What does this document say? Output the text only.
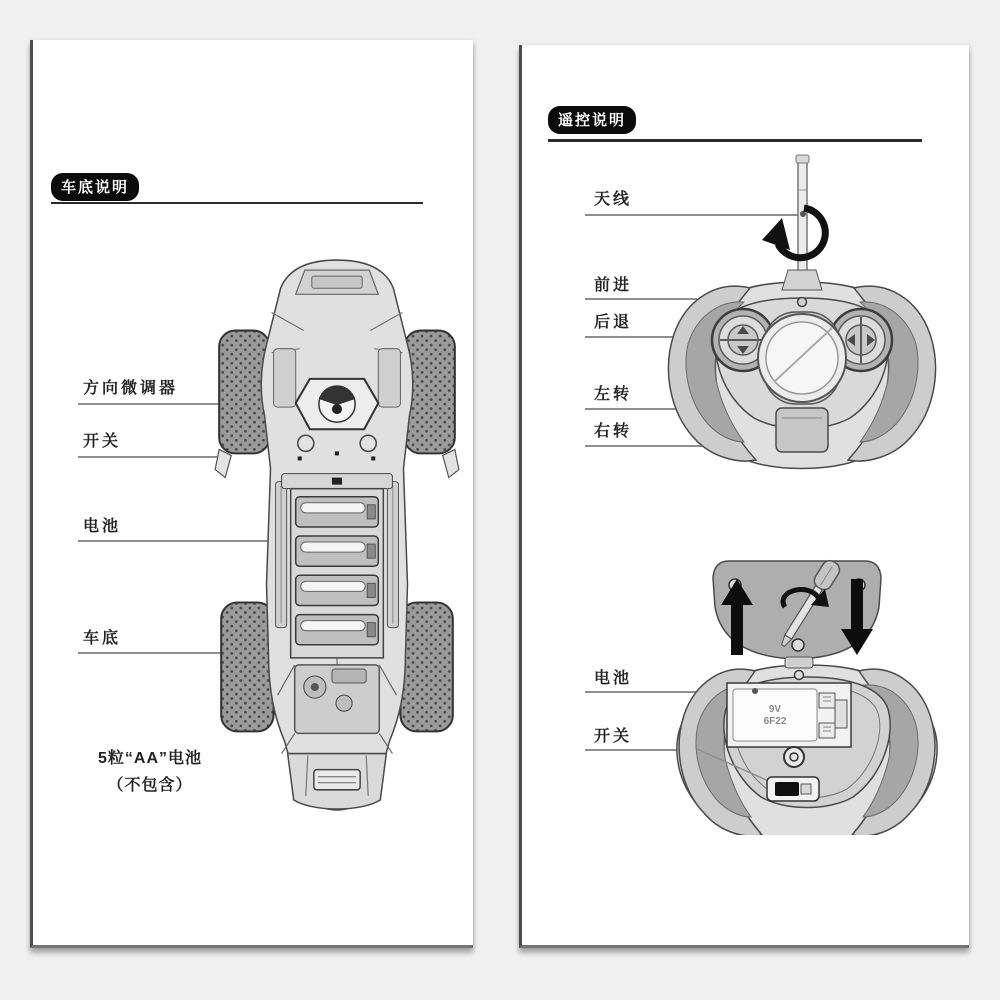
车底说明
方向微调器
开关
电池
车底
5粒“AA”电池
（不包含）
遥控说明
天线
前进
后退
左转
右转
电池
开关
9V
6F22
